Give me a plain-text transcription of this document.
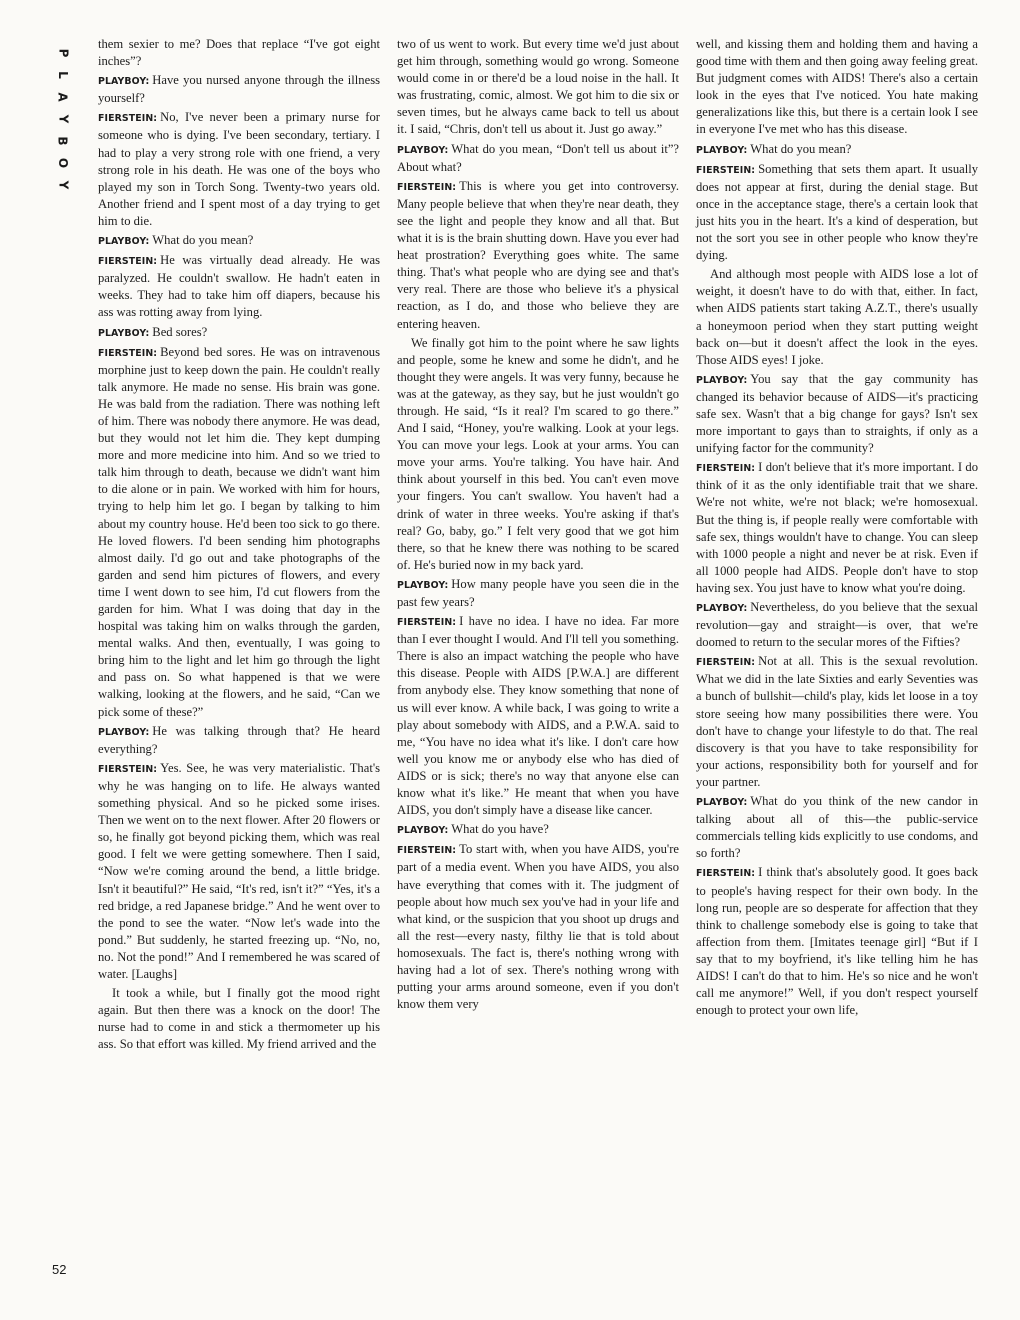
P
L
A
Y
B
O
Y

them sexier to me? Does that replace “I've got eight inches”?

PLAYBOY: Have you nursed anyone through the illness yourself?

FIERSTEIN: No, I've never been a primary nurse for someone who is dying. I've been secondary, tertiary. I had to play a very strong role with one friend, a very strong role in his death. He was one of the boys who played my son in Torch Song. Twenty-two years old. Another friend and I spent most of a day trying to get him to die.

PLAYBOY: What do you mean?

FIERSTEIN: He was virtually dead already. He was paralyzed. He couldn't swallow. He hadn't eaten in weeks. They had to take him off diapers, because his ass was rotting away from lying.

PLAYBOY: Bed sores?

FIERSTEIN: Beyond bed sores. He was on intravenous morphine just to keep down the pain. He couldn't really talk anymore. He made no sense. His brain was gone. He was bald from the radiation. There was nothing left of him. There was nobody there anymore. He was dead, but they would not let him die. They kept dumping more and more medicine into him. And so we tried to talk him through to death, because we didn't want him to die alone or in pain. We worked with him for hours, trying to help him let go. I began by talking to him about my country house. He'd been too sick to go there. He loved flowers. I'd been sending him photographs almost daily. I'd go out and take photographs of the garden and send him pictures of flowers, and every time I went down to see him, I'd cut flowers from the garden for him. What I was doing that day in the hospital was taking him on walks through the garden, mental walks. And then, eventually, I was going to bring him to the light and let him go through the light and pass on. So what happened is that we were walking, looking at the flowers, and he said, “Can we pick some of these?”

PLAYBOY: He was talking through that? He heard everything?

FIERSTEIN: Yes. See, he was very materialistic. That's why he was hanging on to life. He always wanted something physical. And so he picked some irises. Then we went on to the next flower. After 20 flowers or so, he finally got beyond picking them, which was real good. I felt we were getting somewhere. Then I said, “Now we're coming around the bend, a little bridge. Isn't it beautiful?” He said, “It's red, isn't it?” “Yes, it's a red bridge, a red Japanese bridge.” And he went over to the pond to see the water. “Now let's wade into the pond.” But suddenly, he started freezing up. “No, no, no. Not the pond!” And I remembered he was scared of water. [Laughs]

It took a while, but I finally got the mood right again. But then there was a knock on the door! The nurse had to come in and stick a thermometer up his ass. So that effort was killed. My friend arrived and the

two of us went to work. But every time we'd just about get him through, something would go wrong. Someone would come in or there'd be a loud noise in the hall. It was frustrating, comic, almost. We got him to die six or seven times, but he always came back to tell us about it. I said, “Chris, don't tell us about it. Just go away.”

PLAYBOY: What do you mean, “Don't tell us about it”? About what?

FIERSTEIN: This is where you get into controversy. Many people believe that when they're near death, they see the light and people they know and all that. But what it is is the brain shutting down. Have you ever had heat prostration? Everything goes white. The same thing. That's what people who are dying see and that's very real. There are those who believe it's a physical reaction, as I do, and those who believe they are entering heaven.

We finally got him to the point where he saw lights and people, some he knew and some he didn't, and he thought they were angels. It was very funny, because he was at the gateway, as they say, but he just wouldn't go through. He said, “Is it real? I'm scared to go there.” And I said, “Honey, you're walking. Look at your legs. You can move your legs. Look at your arms. You can move your arms. You're talking. You have hair. And think about yourself in this bed. You can't even move your fingers. You can't swallow. You haven't had a drink of water in three weeks. You're asking if that's real? Go, baby, go.” I felt very good that we got him there, so that he knew there was nothing to be scared of. He's buried now in my back yard.

PLAYBOY: How many people have you seen die in the past few years?

FIERSTEIN: I have no idea. I have no idea. Far more than I ever thought I would. And I'll tell you something. There is also an impact watching the people who have this disease. People with AIDS [P.W.A.] are different from anybody else. They know something that none of us will ever know. A while back, I was going to write a play about somebody with AIDS, and a P.W.A. said to me, “You have no idea what it's like. I don't care how well you know me or anybody else who has died of AIDS or is sick; there's no way that anyone else can know what it's like.” He meant that when you have AIDS, you don't simply have a disease like cancer.

PLAYBOY: What do you have?

FIERSTEIN: To start with, when you have AIDS, you're part of a media event. When you have AIDS, you also have everything that comes with it. The judgment of people about how much sex you've had in your life and what kind, or the suspicion that you shoot up drugs and all the rest—every nasty, filthy lie that is told about homosexuals. The fact is, there's nothing wrong with having had a lot of sex. There's nothing wrong with putting your arms around someone, even if you don't know them very

well, and kissing them and holding them and having a good time with them and then going away feeling great. But judgment comes with AIDS! There's also a certain look in the eyes that I've noticed. You hate making generalizations like this, but there is a certain look I see in everyone I've met who has this disease.

PLAYBOY: What do you mean?

FIERSTEIN: Something that sets them apart. It usually does not appear at first, during the denial stage. But once in the acceptance stage, there's a certain look that just hits you in the heart. It's a kind of desperation, but not the sort you see in other people who know they're dying.

And although most people with AIDS lose a lot of weight, it doesn't have to do with that, either. In fact, when AIDS patients start taking A.Z.T., there's usually a honeymoon period when they start putting weight back on—but it doesn't affect the look in the eyes. Those AIDS eyes! I joke.

PLAYBOY: You say that the gay community has changed its behavior because of AIDS—it's practicing safe sex. Wasn't that a big change for gays? Isn't sex more important to gays than to straights, if only as a unifying factor for the community?

FIERSTEIN: I don't believe that it's more important. I do think of it as the only identifiable trait that we share. We're not white, we're not black; we're homosexual. But the thing is, if people really were comfortable with safe sex, things wouldn't have to change. You can sleep with 1000 people a night and never be at risk. Even if all 1000 people had AIDS. People don't have to stop having sex. You just have to know what you're doing.

PLAYBOY: Nevertheless, do you believe that the sexual revolution—gay and straight—is over, that we're doomed to return to the secular mores of the Fifties?

FIERSTEIN: Not at all. This is the sexual revolution. What we did in the late Sixties and early Seventies was a bunch of bullshit—child's play, kids let loose in a toy store seeing how many possibilities there were. You don't have to change your lifestyle to do that. The real discovery is that you have to take responsibility for your actions, responsibility both for yourself and for your partner.

PLAYBOY: What do you think of the new candor in talking about all of this—the public-service commercials telling kids explicitly to use condoms, and so forth?

FIERSTEIN: I think that's absolutely good. It goes back to people's having respect for their own body. In the long run, people are so desperate for affection that they think to challenge somebody else is going to take that affection from them. [Imitates teenage girl] “But if I say that to my boyfriend, it's like telling him he has AIDS! I can't do that to him. He's so nice and he won't call me anymore!” Well, if you don't respect yourself enough to protect your own life,

52
